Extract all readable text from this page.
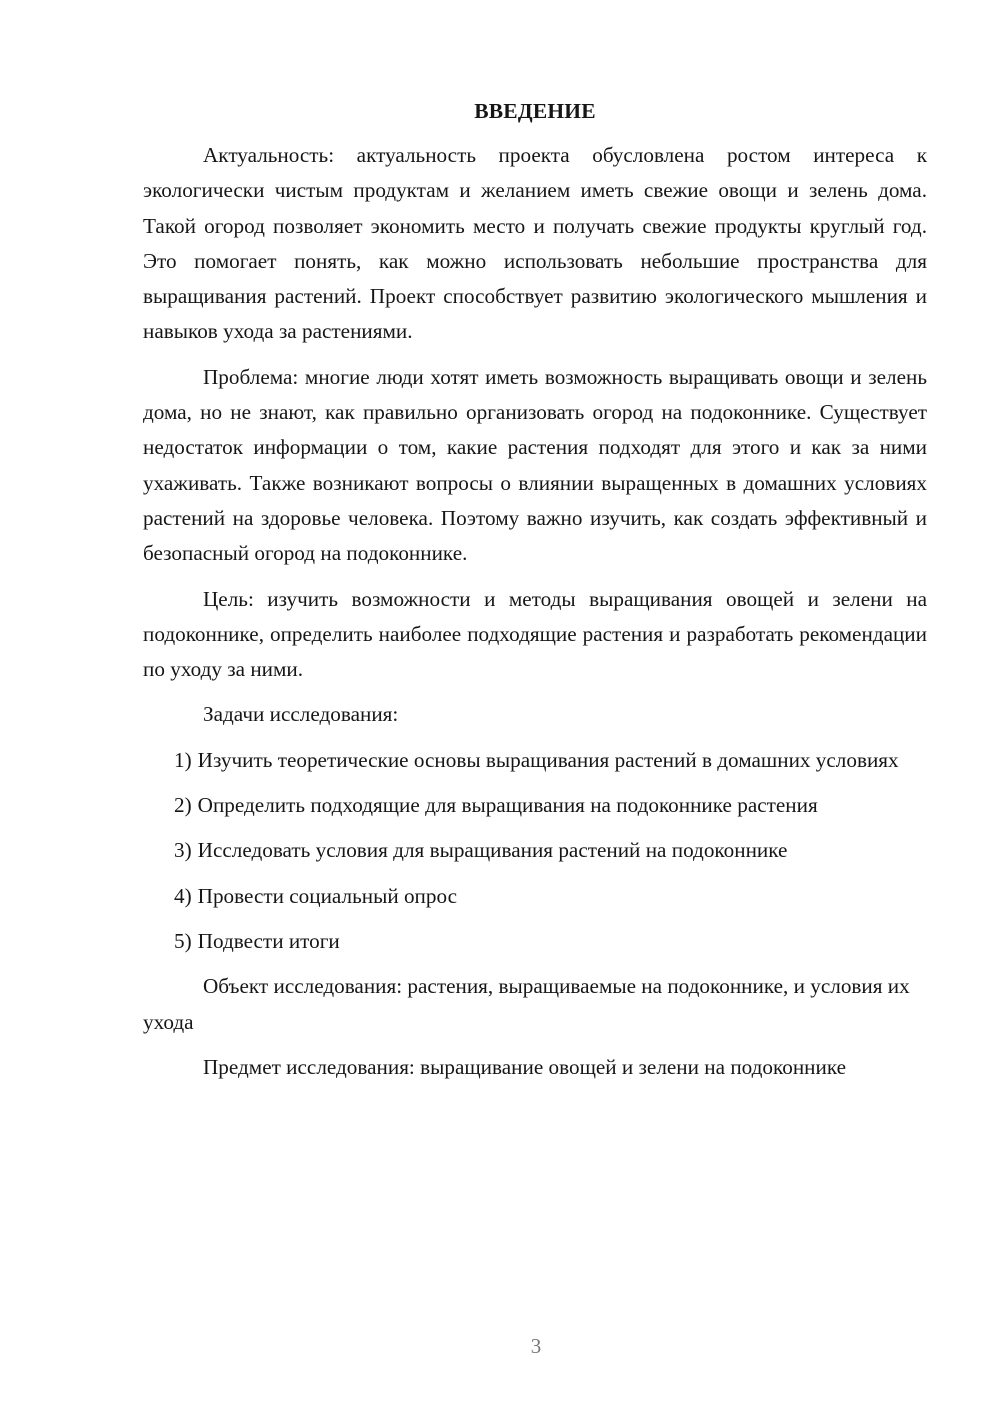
ВВЕДЕНИЕ

Актуальность: актуальность проекта обусловлена ростом интереса к экологически чистым продуктам и желанием иметь свежие овощи и зелень дома. Такой огород позволяет экономить место и получать свежие продукты круглый год. Это помогает понять, как можно использовать небольшие пространства для выращивания растений. Проект способствует развитию экологического мышления и навыков ухода за растениями.

Проблема: многие люди хотят иметь возможность выращивать овощи и зелень дома, но не знают, как правильно организовать огород на подоконнике. Существует недостаток информации о том, какие растения подходят для этого и как за ними ухаживать. Также возникают вопросы о влиянии выращенных в домашних условиях растений на здоровье человека. Поэтому важно изучить, как создать эффективный и безопасный огород на подоконнике.

Цель: изучить возможности и методы выращивания овощей и зелени на подоконнике, определить наиболее подходящие растения и разработать рекомендации по уходу за ними.

Задачи исследования:

1) Изучить теоретические основы выращивания растений в домашних условиях

2) Определить подходящие для выращивания на подоконнике растения

3) Исследовать условия для выращивания растений на подоконнике

4) Провести социальный опрос

5) Подвести итоги

Объект исследования: растения, выращиваемые на подоконнике, и условия их ухода

Предмет исследования: выращивание овощей и зелени на подоконнике

3
